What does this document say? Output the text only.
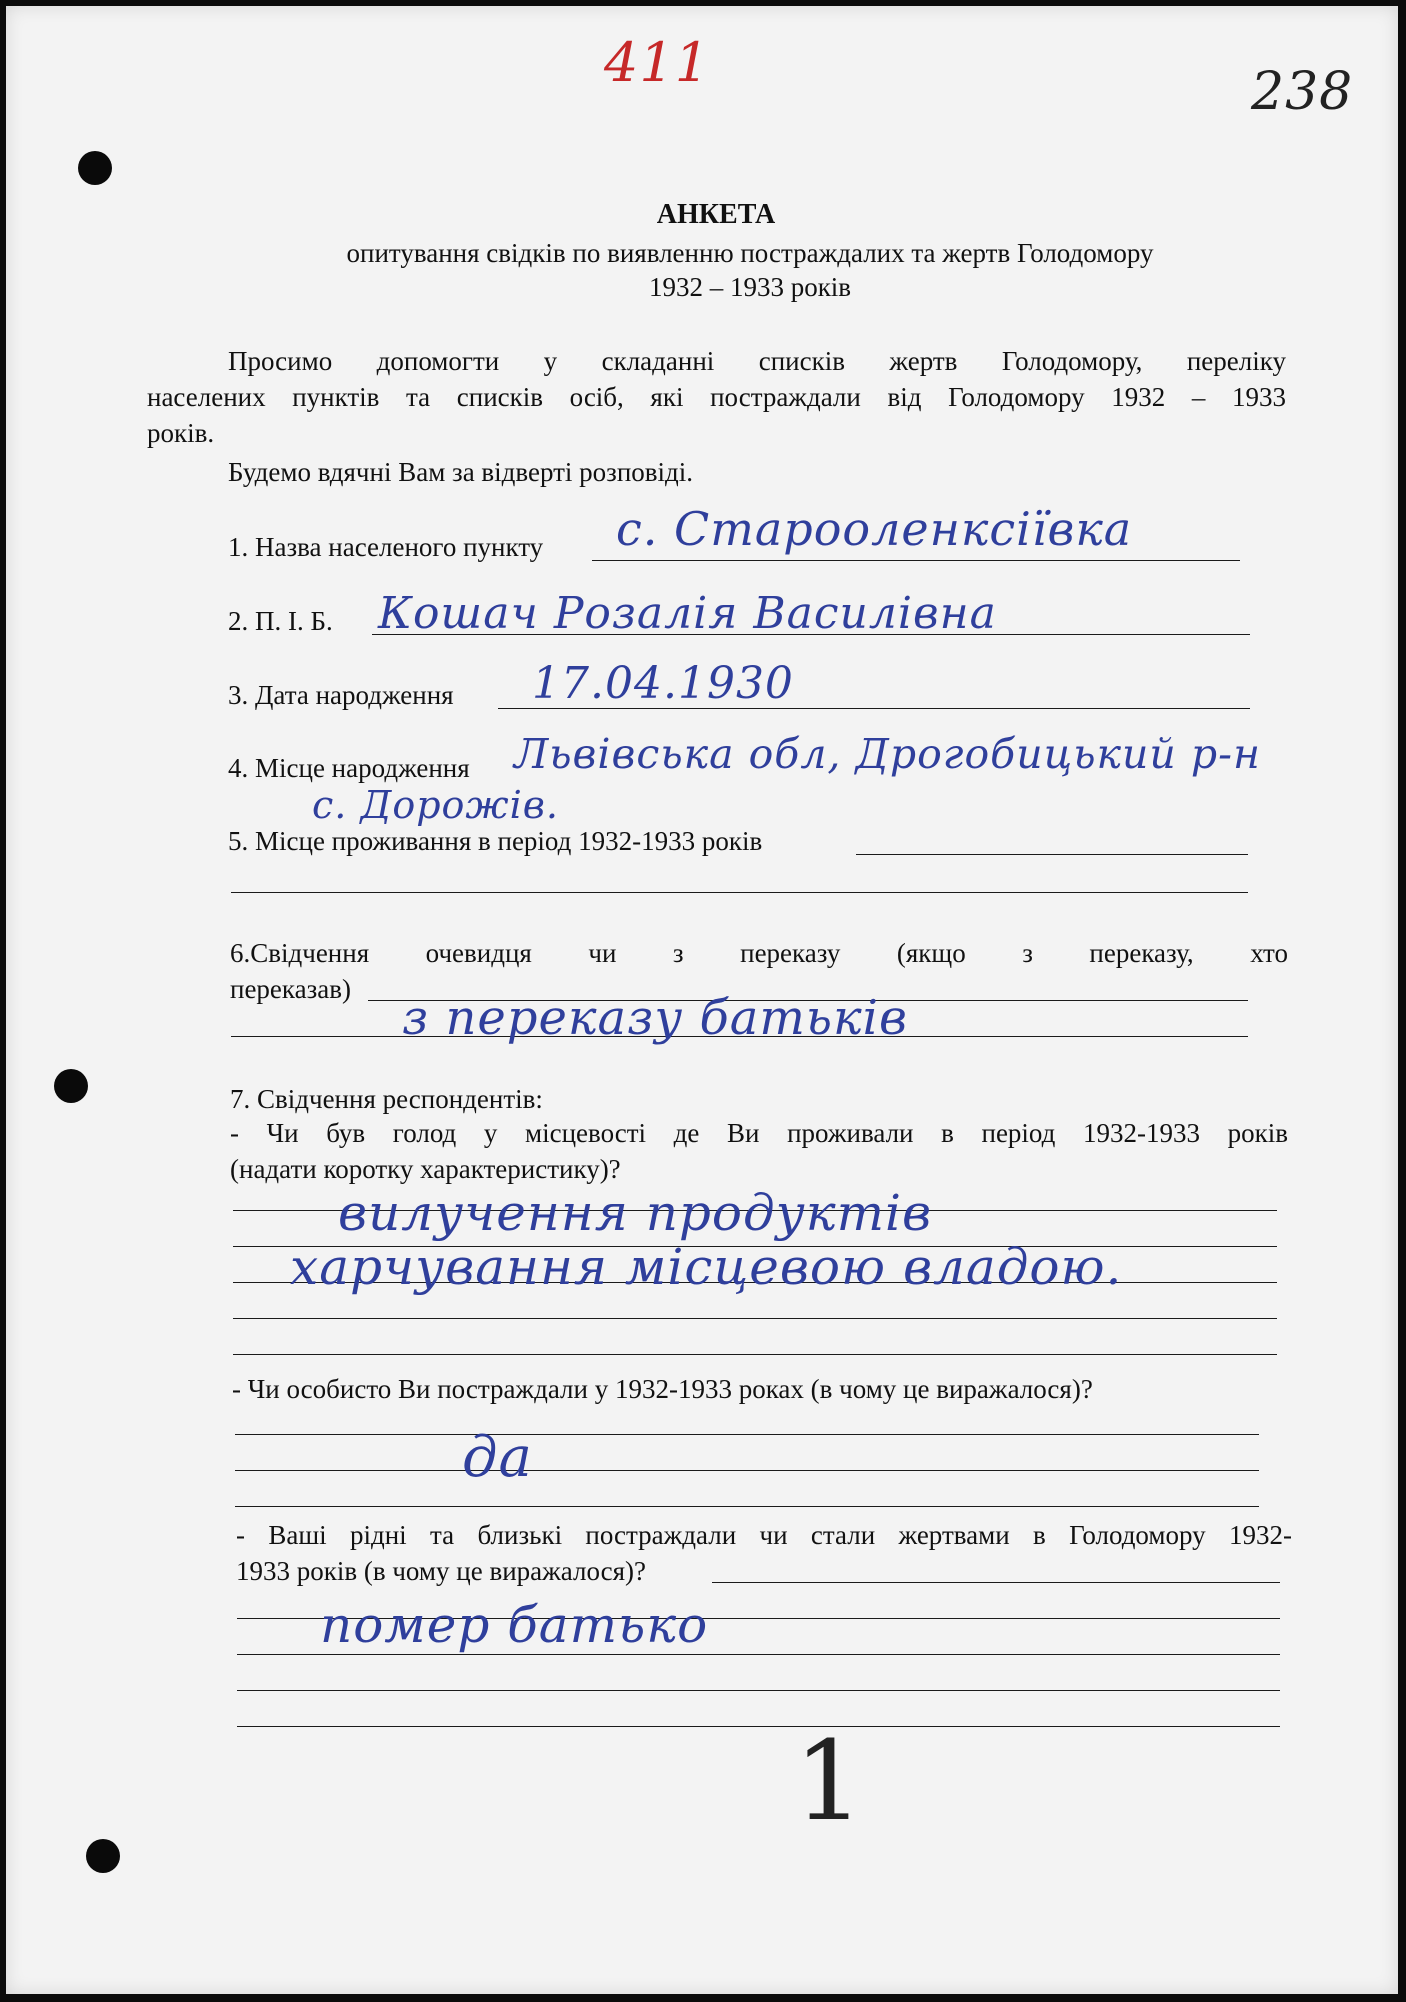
411	238
АНКЕТА
опитування свідків по виявленню постраждалих та жертв Голодомору
1932 – 1933 років
Просимо допомогти у складанні списків жертв Голодомору, переліку
населених пунктів та списків осіб, які постраждали від Голодомору 1932 – 1933
років.
Будемо вдячні Вам за відверті розповіді.
1. Назва населеного пункту с. Старооленксіївка
2. П. І. Б. Кошач Розалія Василівна
3. Дата народження 17.04.1930
4. Місце народження Львівська обл, Дрогобицький р-н
с. Дорожів.
5. Місце проживання в період 1932-1933 років
6.Свідчення очевидця чи з переказу (якщо з переказу, хто
переказав)
з переказу батьків
7. Свідчення респондентів:
- Чи був голод у місцевості де Ви проживали в період 1932-1933 років
(надати коротку характеристику)?
вилучення продуктів
харчування місцевою владою.
- Чи особисто Ви постраждали у 1932-1933 роках (в чому це виражалося)?
да
- Ваші рідні та близькі постраждали чи стали жертвами в Голодомору 1932-
1933 років (в чому це виражалося)?
помер батько
1
